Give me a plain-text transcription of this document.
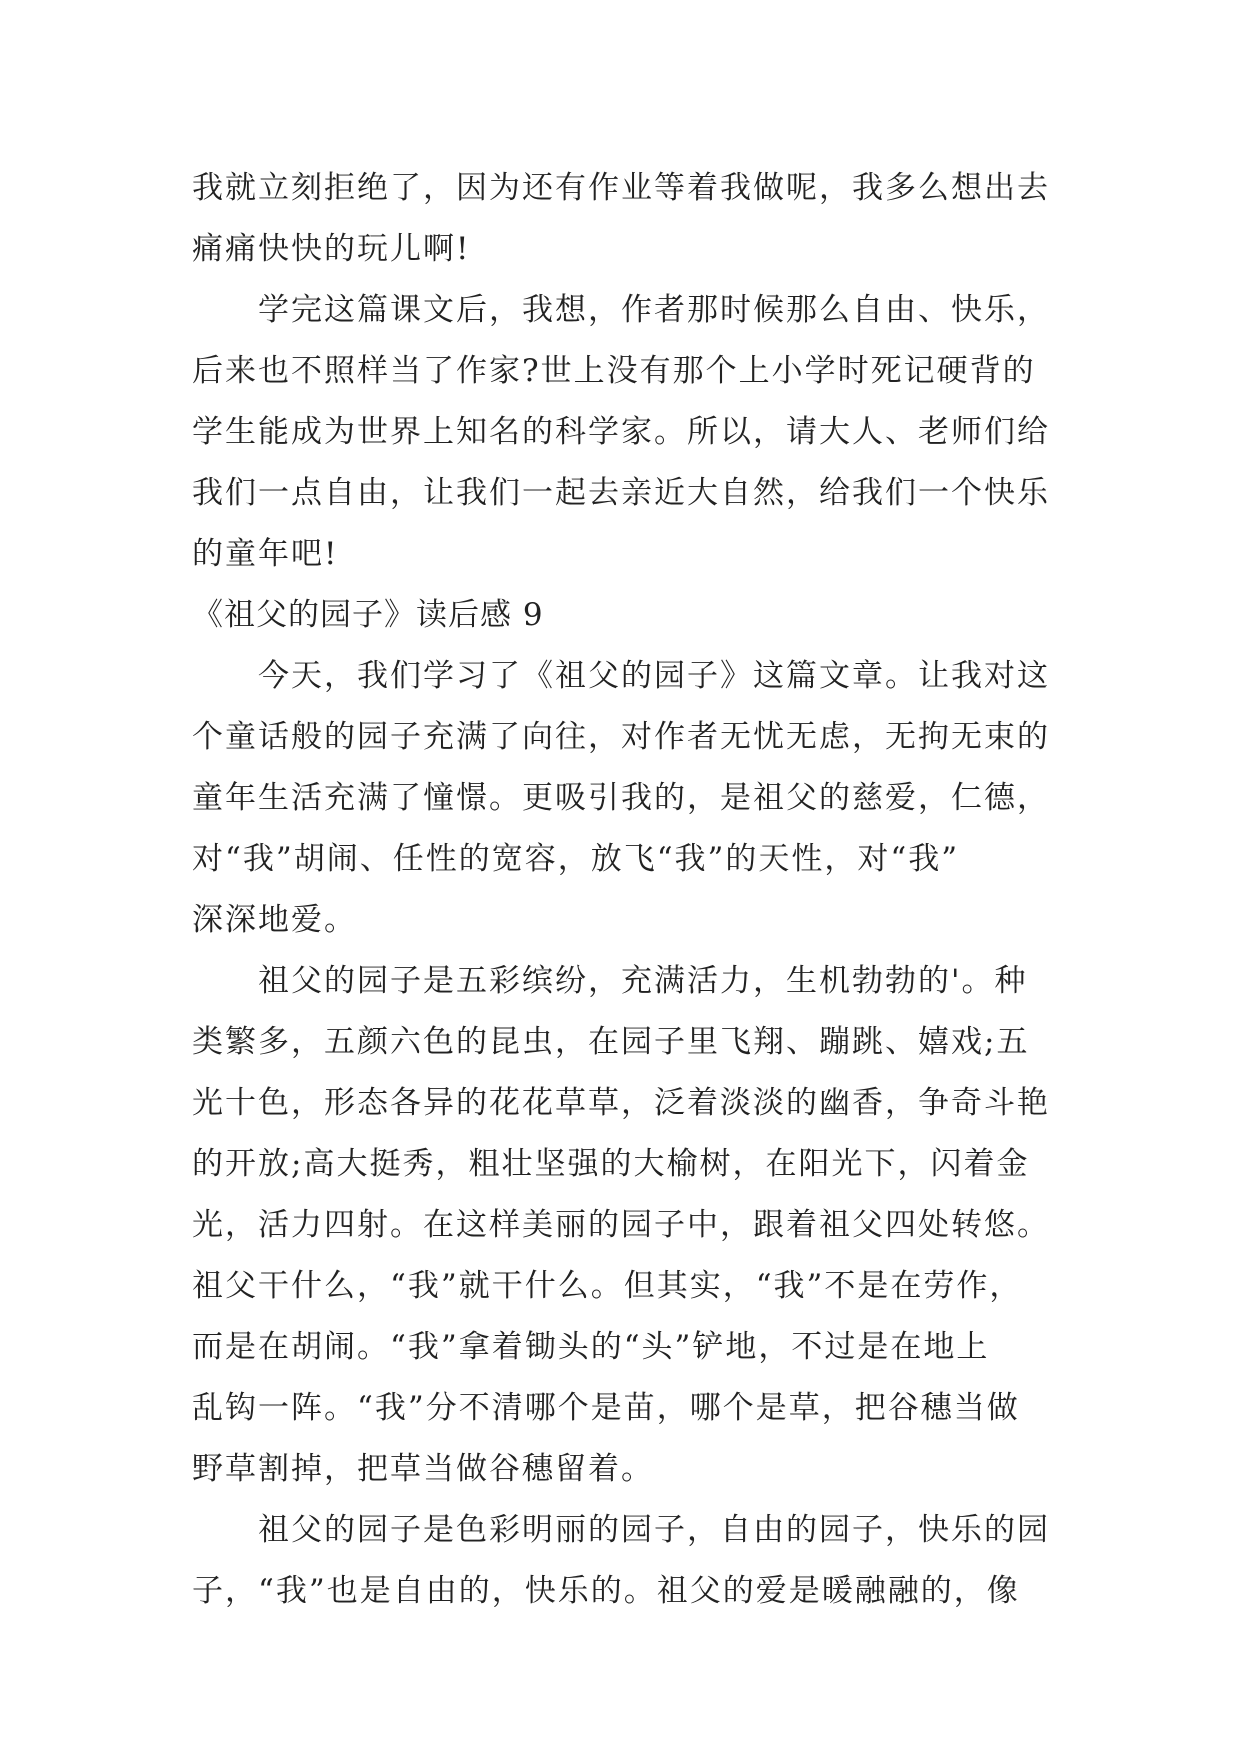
我就立刻拒绝了，因为还有作业等着我做呢，我多么想出去
痛痛快快的玩儿啊!
学完这篇课文后，我想，作者那时候那么自由、快乐，
后来也不照样当了作家?世上没有那个上小学时死记硬背的
学生能成为世界上知名的科学家。所以，请大人、老师们给
我们一点自由，让我们一起去亲近大自然，给我们一个快乐
的童年吧!
《祖父的园子》读后感 9
今天，我们学习了《祖父的园子》这篇文章。让我对这
个童话般的园子充满了向往，对作者无忧无虑，无拘无束的
童年生活充满了憧憬。更吸引我的，是祖父的慈爱，仁德，
对“我”胡闹、任性的宽容，放飞“我”的天性，对“我”
深深地爱。
祖父的园子是五彩缤纷，充满活力，生机勃勃的'。种
类繁多，五颜六色的昆虫，在园子里飞翔、蹦跳、嬉戏;五
光十色，形态各异的花花草草，泛着淡淡的幽香，争奇斗艳
的开放;高大挺秀，粗壮坚强的大榆树，在阳光下，闪着金
光，活力四射。在这样美丽的园子中，跟着祖父四处转悠。
祖父干什么，“我”就干什么。但其实，“我”不是在劳作，
而是在胡闹。“我”拿着锄头的“头”铲地，不过是在地上
乱钩一阵。“我”分不清哪个是苗，哪个是草，把谷穗当做
野草割掉，把草当做谷穗留着。
祖父的园子是色彩明丽的园子，自由的园子，快乐的园
子，“我”也是自由的，快乐的。祖父的爱是暖融融的，像
